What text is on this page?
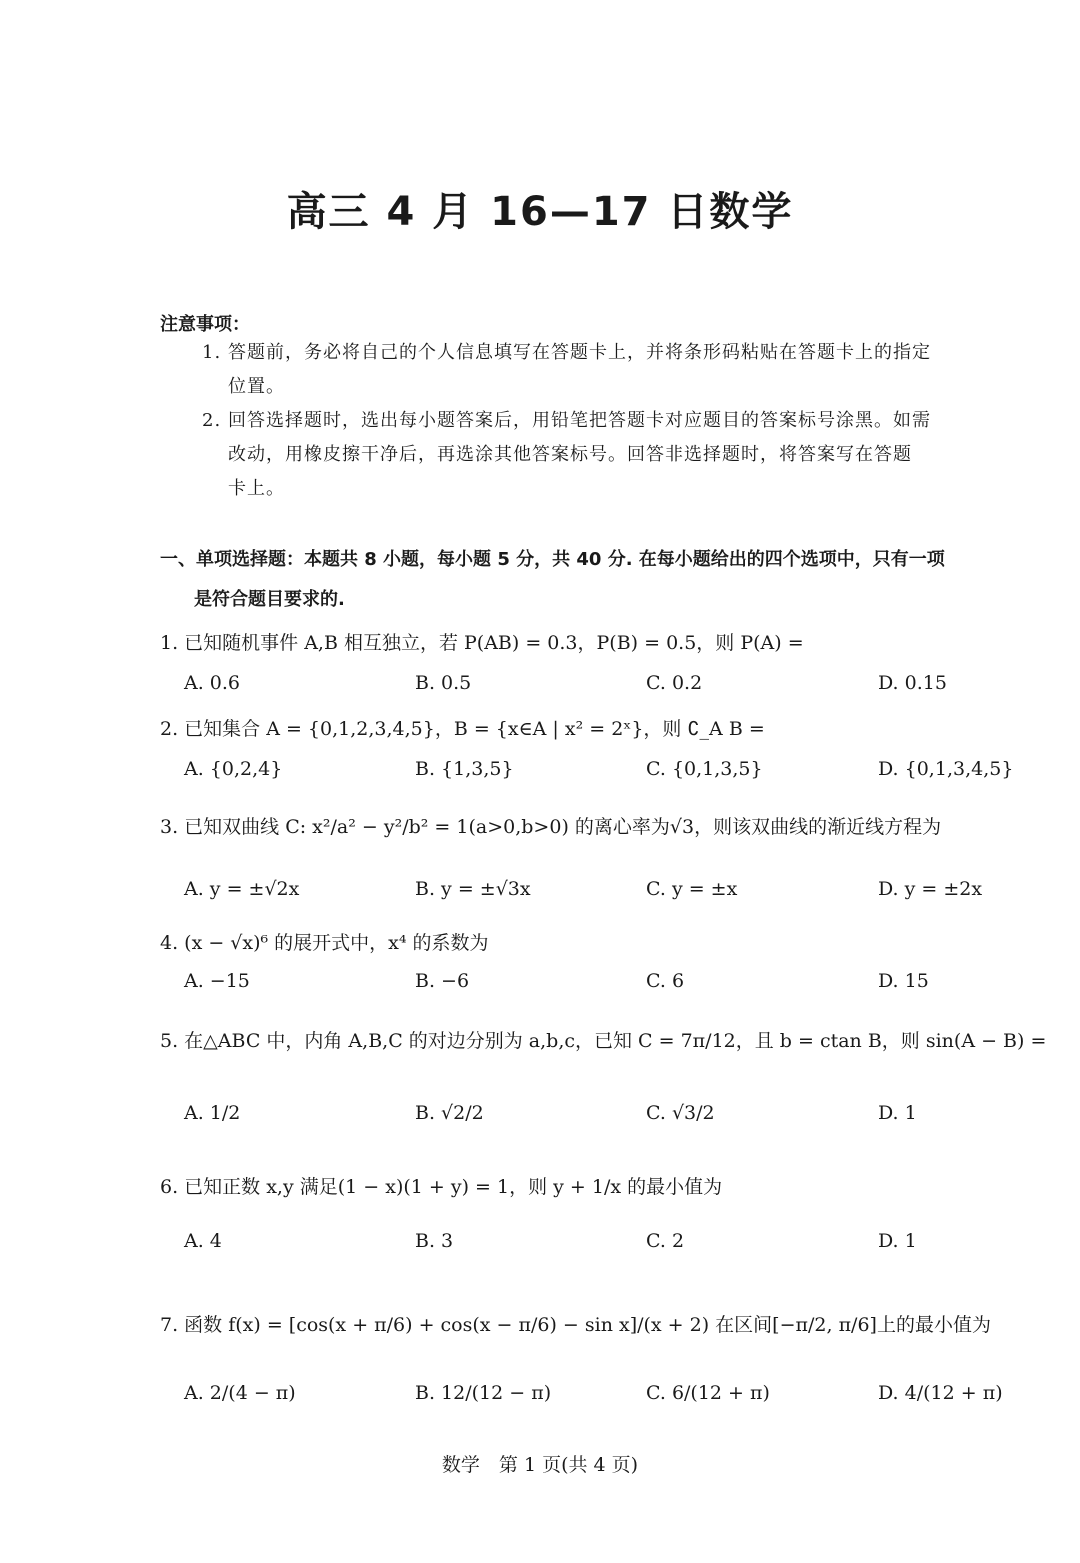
高三 4 月 16—17 日数学
注意事项：
1. 答题前，务必将自己的个人信息填写在答题卡上，并将条形码粘贴在答题卡上的指定
位置。
2. 回答选择题时，选出每小题答案后，用铅笔把答题卡对应题目的答案标号涂黑。如需
改动，用橡皮擦干净后，再选涂其他答案标号。回答非选择题时，将答案写在答题
卡上。
一、单项选择题：本题共 8 小题，每小题 5 分，共 40 分. 在每小题给出的四个选项中，只有一项
是符合题目要求的.
1. 已知随机事件 A,B 相互独立，若 P(AB) = 0.3，P(B) = 0.5，则 P(A) =
A. 0.6	B. 0.5	C. 0.2	D. 0.15
2. 已知集合 A = {0,1,2,3,4,5}，B = {x∈A | x² = 2ˣ}，则 ∁_A B =
A. {0,2,4}	B. {1,3,5}	C. {0,1,3,5}	D. {0,1,3,4,5}
3. 已知双曲线 C: x²/a² − y²/b² = 1(a>0,b>0) 的离心率为√3，则该双曲线的渐近线方程为
A. y = ±√2x	B. y = ±√3x	C. y = ±x	D. y = ±2x
4. (x − √x)⁶ 的展开式中，x⁴ 的系数为
A. −15	B. −6	C. 6	D. 15
5. 在△ABC 中，内角 A,B,C 的对边分别为 a,b,c，已知 C = 7π/12，且 b = ctan B，则 sin(A − B) =
A. 1/2	B. √2/2	C. √3/2	D. 1
6. 已知正数 x,y 满足(1 − x)(1 + y) = 1，则 y + 1/x 的最小值为
A. 4	B. 3	C. 2	D. 1
7. 函数 f(x) = [cos(x + π/6) + cos(x − π/6) − sin x]/(x + 2) 在区间[−π/2, π/6]上的最小值为
A. 2/(4 − π)	B. 12/(12 − π)	C. 6/(12 + π)	D. 4/(12 + π)
数学　第 1 页(共 4 页)
